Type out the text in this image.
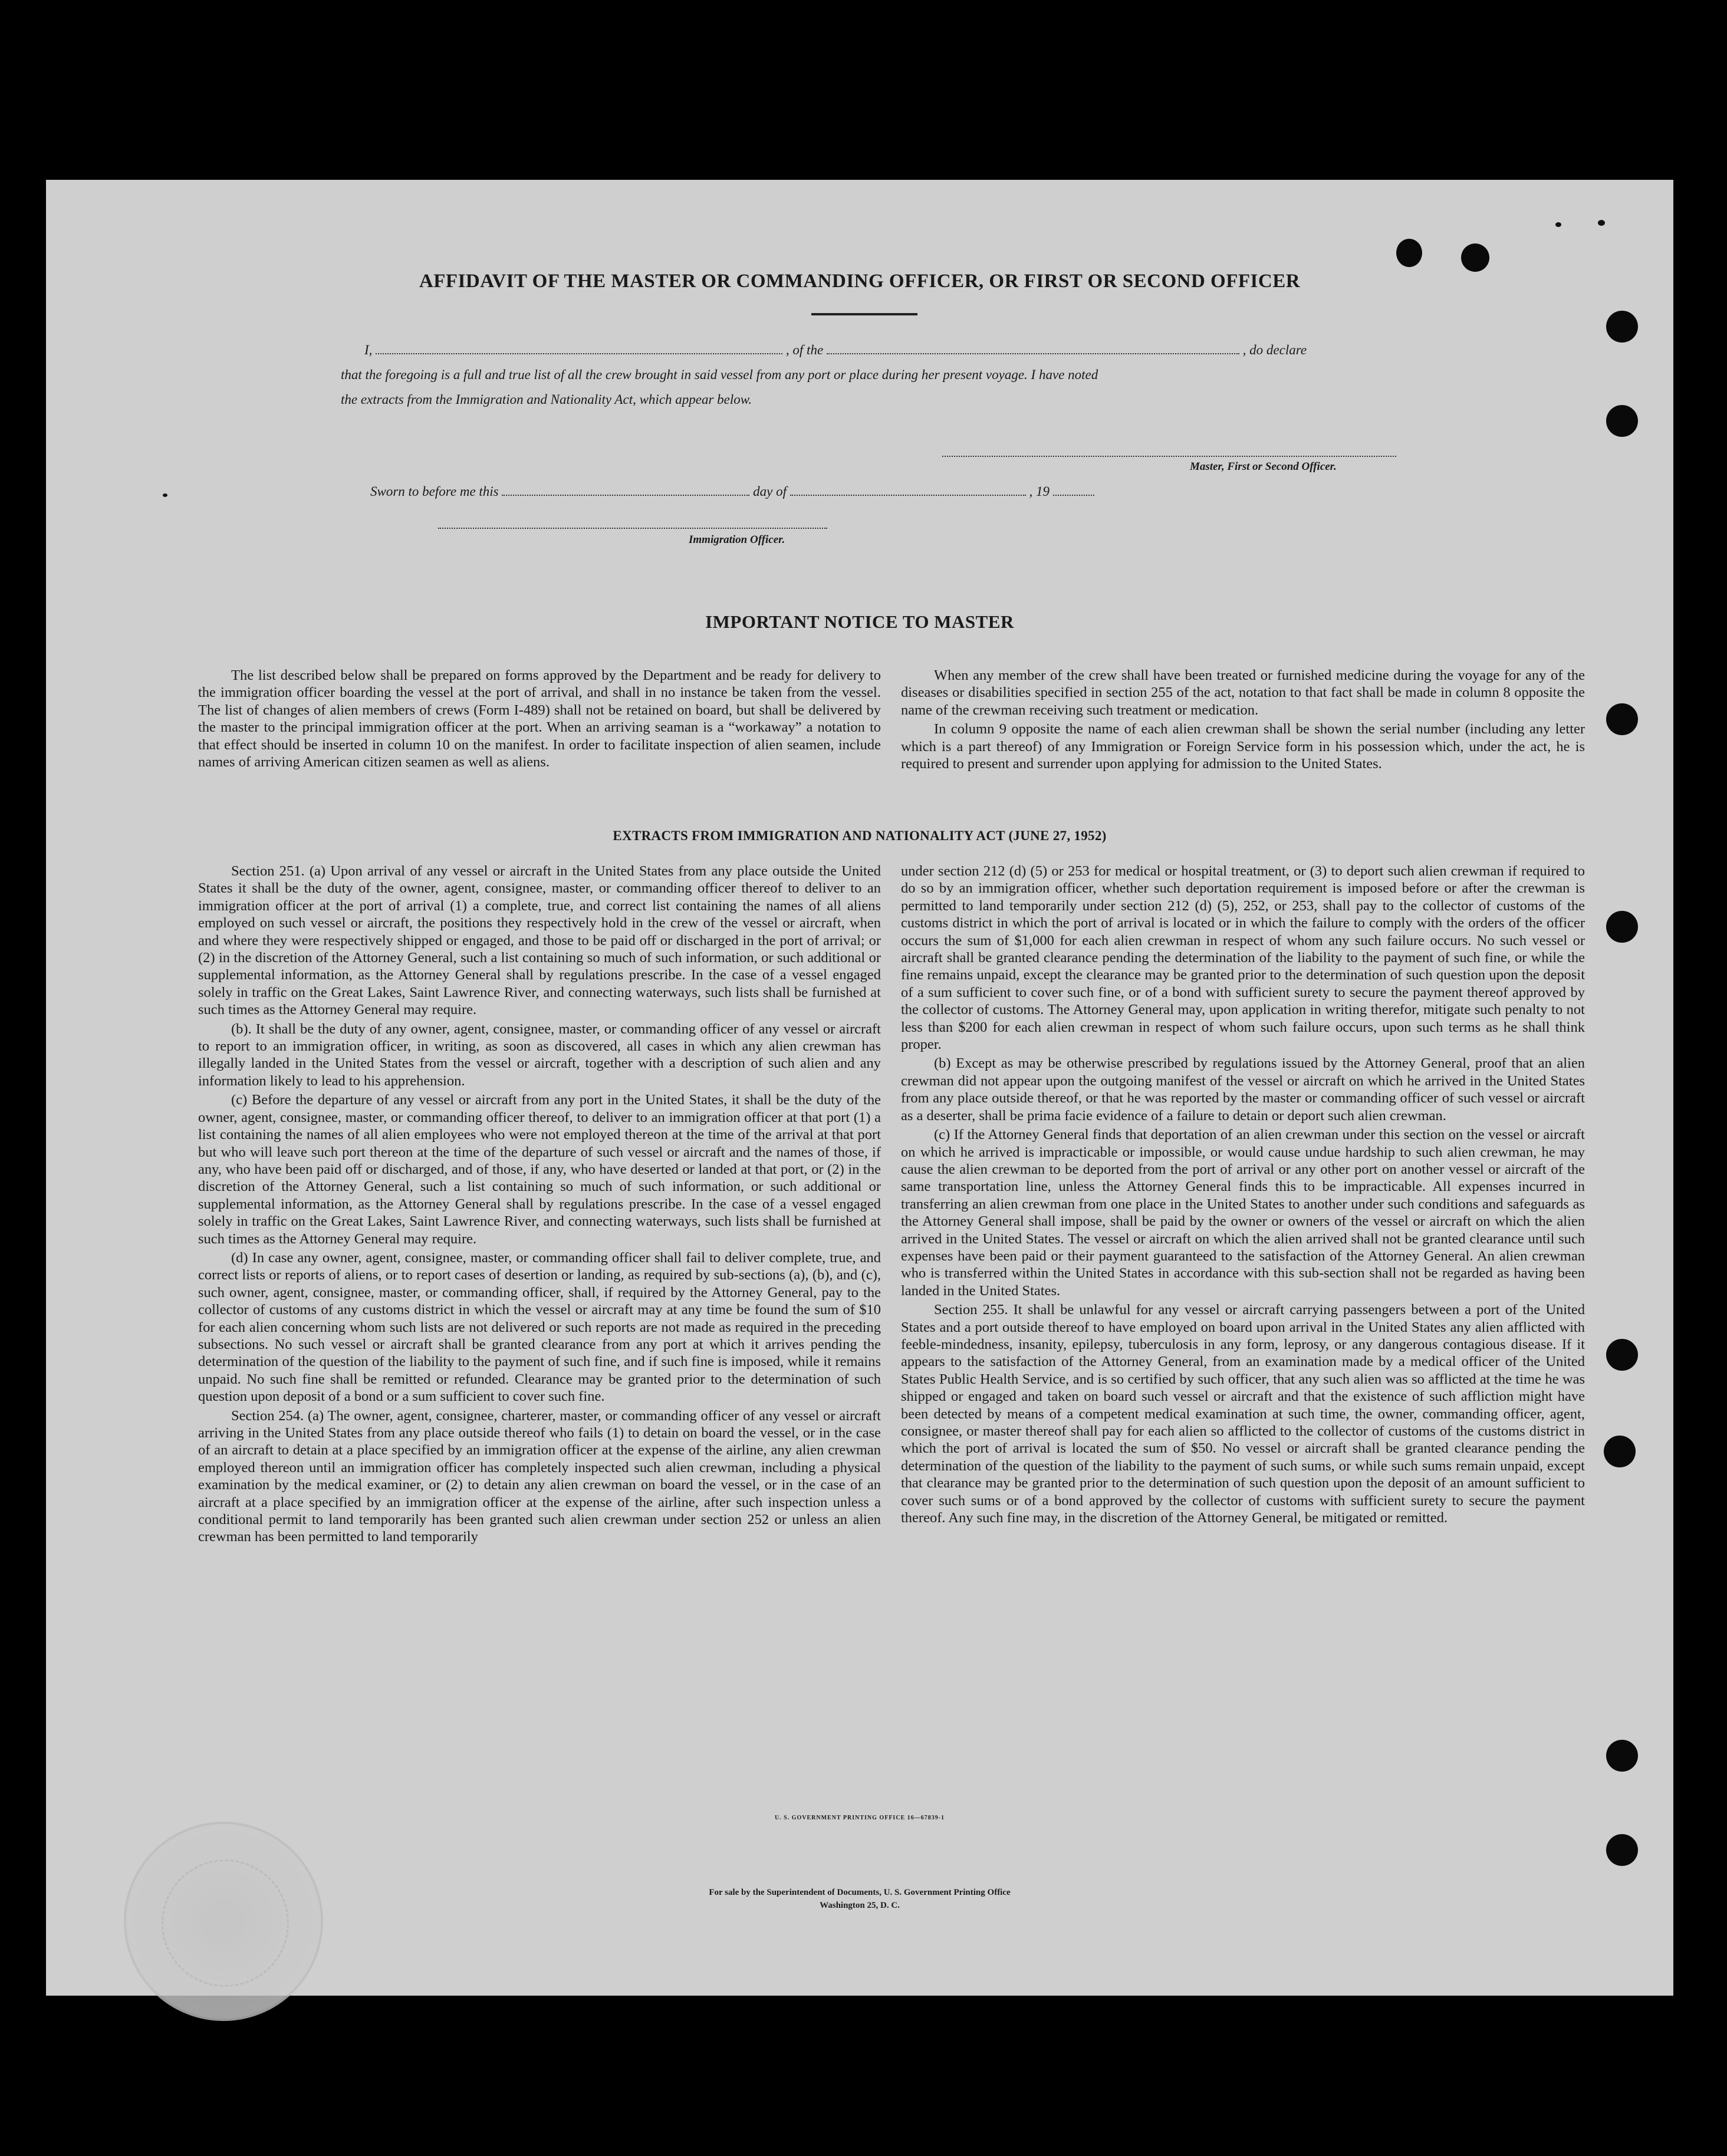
AFFIDAVIT OF THE MASTER OR COMMANDING OFFICER, OR FIRST OR SECOND OFFICER
I,	, of the	, do declare
that the foregoing is a full and true list of all the crew brought in said vessel from any port or place during her present voyage. I have noted
the extracts from the Immigration and Nationality Act, which appear below.
Master, First or Second Officer.
Sworn to before me this	day of	, 19
Immigration Officer.
IMPORTANT NOTICE TO MASTER

The list described below shall be prepared on forms approved by the Department and be ready for delivery to the immigration officer boarding the vessel at the port of arrival, and shall in no instance be taken from the vessel. The list of changes of alien members of crews (Form I-489) shall not be retained on board, but shall be delivered by the master to the principal immigration officer at the port. When an arriving seaman is a “workaway” a notation to that effect should be inserted in column 10 on the manifest. In order to facilitate inspection of alien seamen, include names of arriving American citizen seamen as well as aliens.

When any member of the crew shall have been treated or furnished medicine during the voyage for any of the diseases or disabilities specified in section 255 of the act, notation to that fact shall be made in column 8 opposite the name of the crewman receiving such treatment or medication.

In column 9 opposite the name of each alien crewman shall be shown the serial number (including any letter which is a part thereof) of any Immigration or Foreign Service form in his possession which, under the act, he is required to present and surrender upon applying for admission to the United States.

EXTRACTS FROM IMMIGRATION AND NATIONALITY ACT (JUNE 27, 1952)

Section 251. (a) Upon arrival of any vessel or aircraft in the United States from any place outside the United States it shall be the duty of the owner, agent, consignee, master, or commanding officer thereof to deliver to an immigration officer at the port of arrival (1) a complete, true, and correct list containing the names of all aliens employed on such vessel or aircraft, the positions they respectively hold in the crew of the vessel or aircraft, when and where they were respectively shipped or engaged, and those to be paid off or discharged in the port of arrival; or (2) in the discretion of the Attorney General, such a list containing so much of such information, or such additional or supplemental information, as the Attorney General shall by regulations prescribe. In the case of a vessel engaged solely in traffic on the Great Lakes, Saint Lawrence River, and connecting waterways, such lists shall be furnished at such times as the Attorney General may require.

(b). It shall be the duty of any owner, agent, consignee, master, or commanding officer of any vessel or aircraft to report to an immigration officer, in writing, as soon as discovered, all cases in which any alien crewman has illegally landed in the United States from the vessel or aircraft, together with a description of such alien and any information likely to lead to his apprehension.

(c) Before the departure of any vessel or aircraft from any port in the United States, it shall be the duty of the owner, agent, consignee, master, or commanding officer thereof, to deliver to an immigration officer at that port (1) a list containing the names of all alien employees who were not employed thereon at the time of the arrival at that port but who will leave such port thereon at the time of the departure of such vessel or aircraft and the names of those, if any, who have been paid off or discharged, and of those, if any, who have deserted or landed at that port, or (2) in the discretion of the Attorney General, such a list containing so much of such information, or such additional or supplemental information, as the Attorney General shall by regulations prescribe. In the case of a vessel engaged solely in traffic on the Great Lakes, Saint Lawrence River, and connecting waterways, such lists shall be furnished at such times as the Attorney General may require.

(d) In case any owner, agent, consignee, master, or commanding officer shall fail to deliver complete, true, and correct lists or reports of aliens, or to report cases of desertion or landing, as required by sub-sections (a), (b), and (c), such owner, agent, consignee, master, or commanding officer, shall, if required by the Attorney General, pay to the collector of customs of any customs district in which the vessel or aircraft may at any time be found the sum of $10 for each alien concerning whom such lists are not delivered or such reports are not made as required in the preceding subsections. No such vessel or aircraft shall be granted clearance from any port at which it arrives pending the determination of the question of the liability to the payment of such fine, and if such fine is imposed, while it remains unpaid. No such fine shall be remitted or refunded. Clearance may be granted prior to the determination of such question upon deposit of a bond or a sum sufficient to cover such fine.

Section 254. (a) The owner, agent, consignee, charterer, master, or commanding officer of any vessel or aircraft arriving in the United States from any place outside thereof who fails (1) to detain on board the vessel, or in the case of an aircraft to detain at a place specified by an immigration officer at the expense of the airline, any alien crewman employed thereon until an immigration officer has completely inspected such alien crewman, including a physical examination by the medical examiner, or (2) to detain any alien crewman on board the vessel, or in the case of an aircraft at a place specified by an immigration officer at the expense of the airline, after such inspection unless a conditional permit to land temporarily has been granted such alien crewman under section 252 or unless an alien crewman has been permitted to land temporarily

under section 212 (d) (5) or 253 for medical or hospital treatment, or (3) to deport such alien crewman if required to do so by an immigration officer, whether such deportation requirement is imposed before or after the crewman is permitted to land temporarily under section 212 (d) (5), 252, or 253, shall pay to the collector of customs of the customs district in which the port of arrival is located or in which the failure to comply with the orders of the officer occurs the sum of $1,000 for each alien crewman in respect of whom any such failure occurs. No such vessel or aircraft shall be granted clearance pending the determination of the liability to the payment of such fine, or while the fine remains unpaid, except the clearance may be granted prior to the determination of such question upon the deposit of a sum sufficient to cover such fine, or of a bond with sufficient surety to secure the payment thereof approved by the collector of customs. The Attorney General may, upon application in writing therefor, mitigate such penalty to not less than $200 for each alien crewman in respect of whom such failure occurs, upon such terms as he shall think proper.

(b) Except as may be otherwise prescribed by regulations issued by the Attorney General, proof that an alien crewman did not appear upon the outgoing manifest of the vessel or aircraft on which he arrived in the United States from any place outside thereof, or that he was reported by the master or commanding officer of such vessel or aircraft as a deserter, shall be prima facie evidence of a failure to detain or deport such alien crewman.

(c) If the Attorney General finds that deportation of an alien crewman under this section on the vessel or aircraft on which he arrived is impracticable or impossible, or would cause undue hardship to such alien crewman, he may cause the alien crewman to be deported from the port of arrival or any other port on another vessel or aircraft of the same transportation line, unless the Attorney General finds this to be impracticable. All expenses incurred in transferring an alien crewman from one place in the United States to another under such conditions and safeguards as the Attorney General shall impose, shall be paid by the owner or owners of the vessel or aircraft on which the alien arrived in the United States. The vessel or aircraft on which the alien arrived shall not be granted clearance until such expenses have been paid or their payment guaranteed to the satisfaction of the Attorney General. An alien crewman who is transferred within the United States in accordance with this sub-section shall not be regarded as having been landed in the United States.

Section 255. It shall be unlawful for any vessel or aircraft carrying passengers between a port of the United States and a port outside thereof to have employed on board upon arrival in the United States any alien afflicted with feeble-mindedness, insanity, epilepsy, tuberculosis in any form, leprosy, or any dangerous contagious disease. If it appears to the satisfaction of the Attorney General, from an examination made by a medical officer of the United States Public Health Service, and is so certified by such officer, that any such alien was so afflicted at the time he was shipped or engaged and taken on board such vessel or aircraft and that the existence of such affliction might have been detected by means of a competent medical examination at such time, the owner, commanding officer, agent, consignee, or master thereof shall pay for each alien so afflicted to the collector of customs of the customs district in which the port of arrival is located the sum of $50. No vessel or aircraft shall be granted clearance pending the determination of the question of the liability to the payment of such sums, or while such sums remain unpaid, except that clearance may be granted prior to the determination of such question upon the deposit of an amount sufficient to cover such sums or of a bond approved by the collector of customs with sufficient surety to secure the payment thereof. Any such fine may, in the discretion of the Attorney General, be mitigated or remitted.

U. S. GOVERNMENT PRINTING OFFICE 16—67839-1
For sale by the Superintendent of Documents, U. S. Government Printing Office
Washington 25, D. C.
